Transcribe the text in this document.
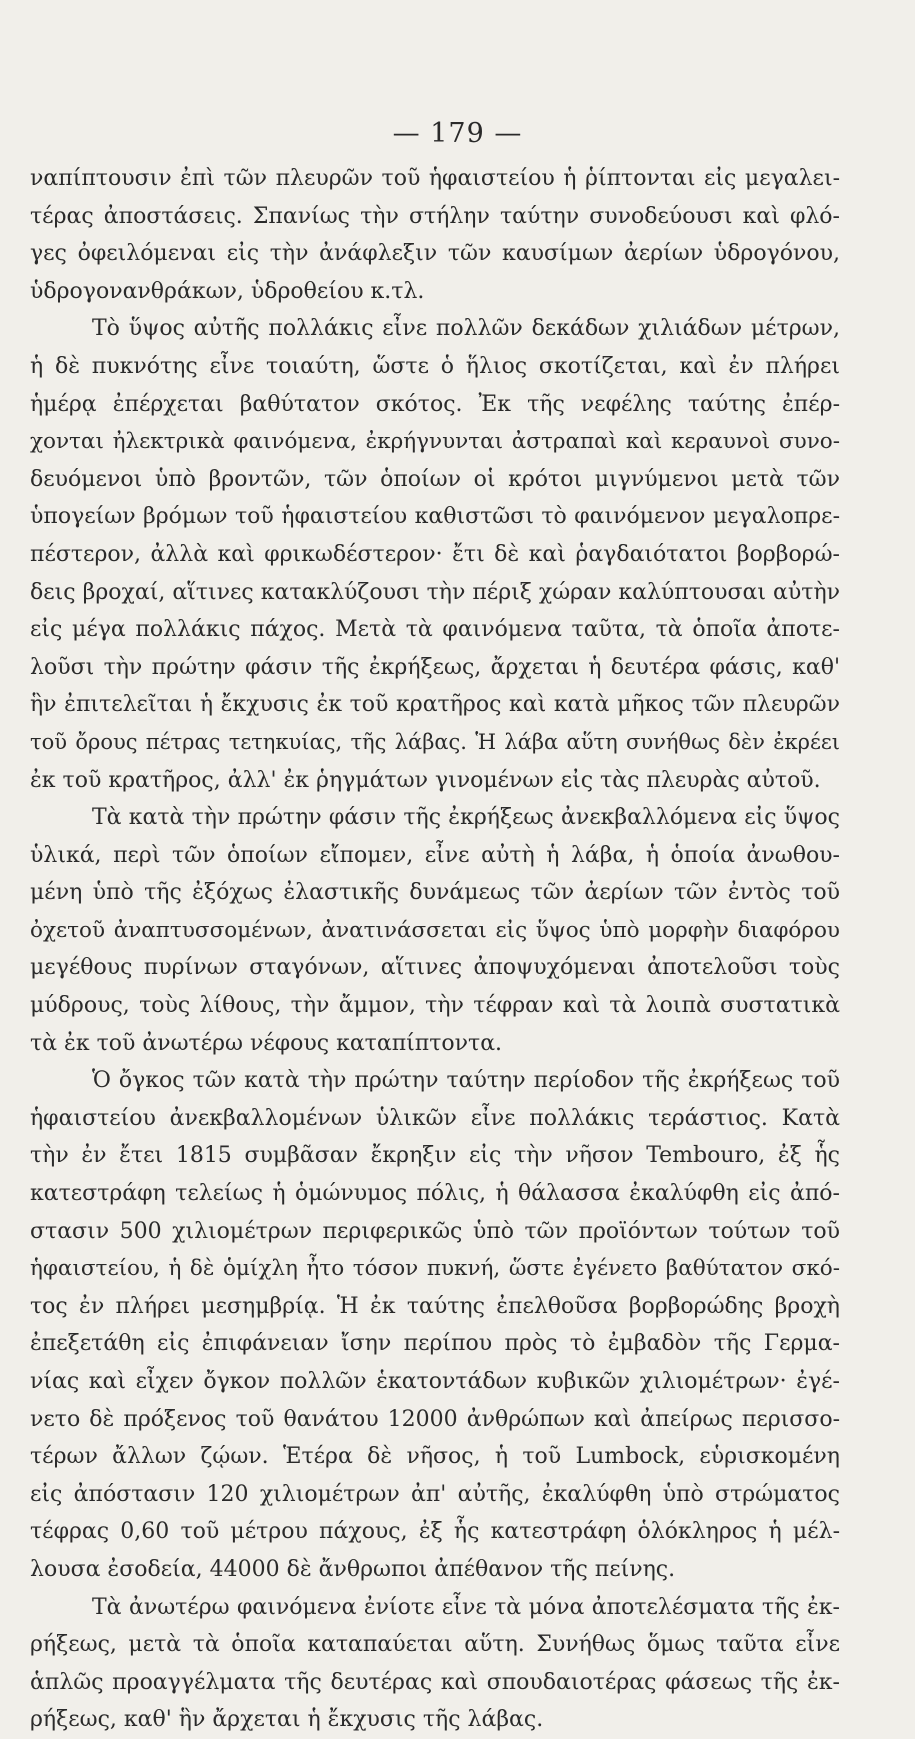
— 179 —
ναπίπτουσιν ἐπὶ τῶν πλευρῶν τοῦ ἡφαιστείου ἡ ῥίπτονται εἰς μεγαλει-
τέρας ἀποστάσεις. Σπανίως τὴν στήλην ταύτην συνοδεύουσι καὶ φλό-
γες ὀφειλόμεναι εἰς τὴν ἀνάφλεξιν τῶν καυσίμων ἀερίων ὑδρογόνου,
ὑδρογονανθράκων, ὑδροθείου κ.τλ.
Τὸ ὕψος αὐτῆς πολλάκις εἶνε πολλῶν δεκάδων χιλιάδων μέτρων,
ἡ δὲ πυκνότης εἶνε τοιαύτη, ὥστε ὁ ἥλιος σκοτίζεται, καὶ ἐν πλήρει
ἡμέρᾳ ἐπέρχεται βαθύτατον σκότος. Ἐκ τῆς νεφέλης ταύτης ἐπέρ-
χονται ἠλεκτρικὰ φαινόμενα, ἐκρήγνυνται ἀστραπαὶ καὶ κεραυνοὶ συνο-
δευόμενοι ὑπὸ βροντῶν, τῶν ὁποίων οἱ κρότοι μιγνύμενοι μετὰ τῶν
ὑπογείων βρόμων τοῦ ἡφαιστείου καθιστῶσι τὸ φαινόμενον μεγαλοπρε-
πέστερον, ἀλλὰ καὶ φρικωδέστερον· ἔτι δὲ καὶ ῥαγδαιότατοι βορβορώ-
δεις βροχαί, αἵτινες κατακλύζουσι τὴν πέριξ χώραν καλύπτουσαι αὐτὴν
εἰς μέγα πολλάκις πάχος. Μετὰ τὰ φαινόμενα ταῦτα, τὰ ὁποῖα ἀποτε-
λοῦσι τὴν πρώτην φάσιν τῆς ἐκρήξεως, ἄρχεται ἡ δευτέρα φάσις, καθ'
ἣν ἐπιτελεῖται ἡ ἔκχυσις ἐκ τοῦ κρατῆρος καὶ κατὰ μῆκος τῶν πλευρῶν
τοῦ ὄρους πέτρας τετηκυίας, τῆς λάβας. Ἡ λάβα αὕτη συνήθως δὲν ἐκρέει
ἐκ τοῦ κρατῆρος, ἀλλ' ἐκ ῥηγμάτων γινομένων εἰς τὰς πλευρὰς αὐτοῦ.
Τὰ κατὰ τὴν πρώτην φάσιν τῆς ἐκρήξεως ἀνεκβαλλόμενα εἰς ὕψος
ὑλικά, περὶ τῶν ὁποίων εἴπομεν, εἶνε αὐτὴ ἡ λάβα, ἡ ὁποία ἀνωθου-
μένη ὑπὸ τῆς ἐξόχως ἐλαστικῆς δυνάμεως τῶν ἀερίων τῶν ἐντὸς τοῦ
ὀχετοῦ ἀναπτυσσομένων, ἀνατινάσσεται εἰς ὕψος ὑπὸ μορφὴν διαφόρου
μεγέθους πυρίνων σταγόνων, αἵτινες ἀποψυχόμεναι ἀποτελοῦσι τοὺς
μύδρους, τοὺς λίθους, τὴν ἄμμον, τὴν τέφραν καὶ τὰ λοιπὰ συστατικὰ
τὰ ἐκ τοῦ ἀνωτέρω νέφους καταπίπτοντα.
Ὁ ὄγκος τῶν κατὰ τὴν πρώτην ταύτην περίοδον τῆς ἐκρήξεως τοῦ
ἡφαιστείου ἀνεκβαλλομένων ὑλικῶν εἶνε πολλάκις τεράστιος. Κατὰ
τὴν ἐν ἔτει 1815 συμβᾶσαν ἔκρηξιν εἰς τὴν νῆσον Tembouro, ἐξ ἧς
κατεστράφη τελείως ἡ ὁμώνυμος πόλις, ἡ θάλασσα ἐκαλύφθη εἰς ἀπό-
στασιν 500 χιλιομέτρων περιφερικῶς ὑπὸ τῶν προϊόντων τούτων τοῦ
ἡφαιστείου, ἡ δὲ ὁμίχλη ἦτο τόσον πυκνή, ὥστε ἐγένετο βαθύτατον σκό-
τος ἐν πλήρει μεσημβρίᾳ. Ἡ ἐκ ταύτης ἐπελθοῦσα βορβορώδης βροχὴ
ἐπεξετάθη εἰς ἐπιφάνειαν ἴσην περίπου πρὸς τὸ ἐμβαδὸν τῆς Γερμα-
νίας καὶ εἶχεν ὄγκον πολλῶν ἑκατοντάδων κυβικῶν χιλιομέτρων· ἐγέ-
νετο δὲ πρόξενος τοῦ θανάτου 12000 ἀνθρώπων καὶ ἀπείρως περισσο-
τέρων ἄλλων ζῴων. Ἑτέρα δὲ νῆσος, ἡ τοῦ Lumbock, εὑρισκομένη
εἰς ἀπόστασιν 120 χιλιομέτρων ἀπ' αὐτῆς, ἐκαλύφθη ὑπὸ στρώματος
τέφρας 0,60 τοῦ μέτρου πάχους, ἐξ ἧς κατεστράφη ὁλόκληρος ἡ μέλ-
λουσα ἐσοδεία, 44000 δὲ ἄνθρωποι ἀπέθανον τῆς πείνης.
Τὰ ἀνωτέρω φαινόμενα ἐνίοτε εἶνε τὰ μόνα ἀποτελέσματα τῆς ἐκ-
ρήξεως, μετὰ τὰ ὁποῖα καταπαύεται αὕτη. Συνήθως ὅμως ταῦτα εἶνε
ἁπλῶς προαγγέλματα τῆς δευτέρας καὶ σπουδαιοτέρας φάσεως τῆς ἐκ-
ρήξεως, καθ' ἣν ἄρχεται ἡ ἔκχυσις τῆς λάβας.
